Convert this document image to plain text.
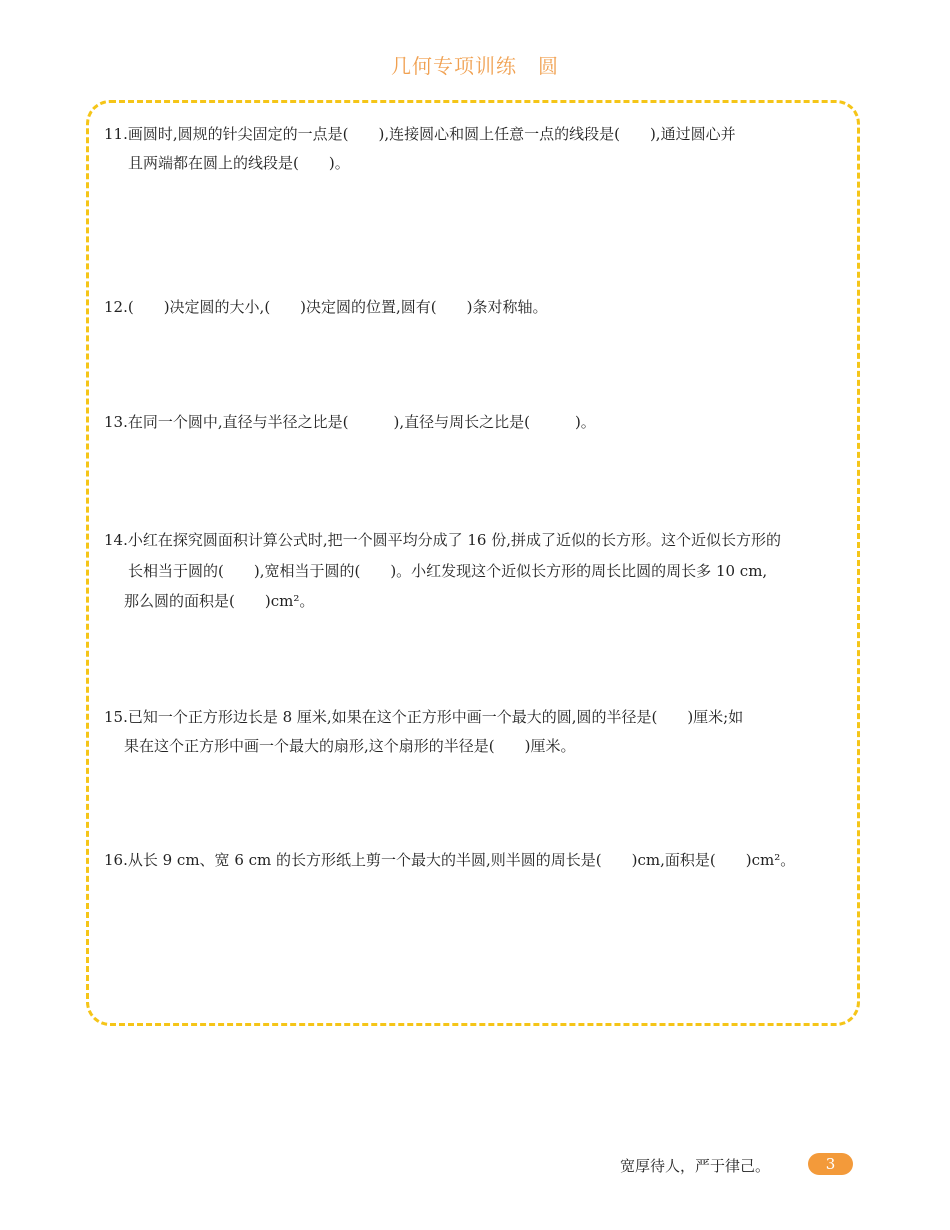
几何专项训练　圆
11.画圆时,圆规的针尖固定的一点是(　　),连接圆心和圆上任意一点的线段是(　　),通过圆心并
且两端都在圆上的线段是(　　)。
12.(　　)决定圆的大小,(　　)决定圆的位置,圆有(　　)条对称轴。
13.在同一个圆中,直径与半径之比是(　　　),直径与周长之比是(　　　)。
14.小红在探究圆面积计算公式时,把一个圆平均分成了 16 份,拼成了近似的长方形。这个近似长方形的
长相当于圆的(　　),宽相当于圆的(　　)。小红发现这个近似长方形的周长比圆的周长多 10 cm,
那么圆的面积是(　　)cm²。
15.已知一个正方形边长是 8 厘米,如果在这个正方形中画一个最大的圆,圆的半径是(　　)厘米;如
果在这个正方形中画一个最大的扇形,这个扇形的半径是(　　)厘米。
16.从长 9 cm、宽 6 cm 的长方形纸上剪一个最大的半圆,则半圆的周长是(　　)cm,面积是(　　)cm²。
宽厚待人，严于律己。	3
